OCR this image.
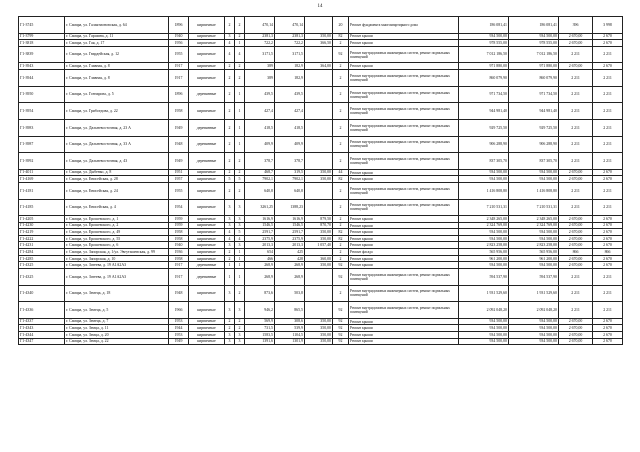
14
Г1-3745	г. Самара, ул. Галактионовская, д. 64	1896	кирпичные	2	2	470,14	470,14		20	Ремонт фундамента многоквартирного дома	186 081,41	186 081,41	396	3 998
Г1-3799	г. Самара, ул. Гаршина, д. 11	1940	кирпичные	3	2	2381,3	2381,3	350,00	82	Ремонт крыши	934 500,00	934 500,00	2 670,00	2 670
Г1-3818	г. Самара, ул. Гая, д. 17	1956	кирпичные	4	1	722,2	722,2	366,50	2	Ремонт крыши	978 555,00	978 555,00	2 670,00	2 670
Г1-3839	г. Самара, ул. Гвардейская, д. 12	1955	кирпичные	4	4	3171,5	3171,5		92	Ремонт внутридомовых инженерных систем, ремонт подвальных помещений	7 012 186,50	7 012 186,50	2 211	2 211
Г1-3943	г. Самара, ул. Главная, д. 8	1917	кирпичные	2	2	389	182,9	364,00	2	Ремонт крыши	971 880,00	971 880,00	2 670,00	2 670
Г1-3944	г. Самара, ул. Главная, д. 8	1917	кирпичные	2	2	389	182,9		2	Ремонт внутридомовых инженерных систем, ремонт подвальных помещений	860 079,90	860 079,90	2 211	2 211
Г1-3950	г. Самара, ул. Гончарова, д. 5	1896	деревянные	2	1	439,5	439,5		2	Ремонт внутридомовых инженерных систем, ремонт подвальных помещений	971 734,50	971 734,50	2 211	2 211
Г1-3954	г. Самара, ул. Грибоедова, д. 22	1958	кирпичные	2	1	427,4	427,4		2	Ремонт внутридомовых инженерных систем, ремонт подвальных помещений	944 981,40	944 981,40	2 211	2 211
Г1-3983	г. Самара, ул. Дальневосточная, д. 23 А	1949	деревянные	2	1	418,5	418,5		2	Ремонт внутридомовых инженерных систем, ремонт подвальных помещений	929 725,50	929 725,50	2 211	2 211
Г1-3987	г. Самара, ул. Дальневосточная, д. 33 А	1948	деревянные	2	1	409,9	409,9		2	Ремонт внутридомовых инженерных систем, ремонт подвальных помещений	906 288,90	906 288,90	2 211	2 211
Г1-3992	г. Самара, ул. Дальневосточная, д. 43	1949	деревянные	2	2	378,7	378,7		2	Ремонт внутридомовых инженерных систем, ремонт подвальных помещений	837 305,70	837 305,70	2 211	2 211
Г1-4011	г. Самара, ул. Дыбенко, д. 8	1951	кирпичные	2	2	468,7	319,5	350,00	44	Ремонт крыши	934 500,00	934 500,00	2 670,00	2 670
Г1-4169	г. Самара, ул. Енисейская, д. 28	1957	кирпичные	5	5	7902,1	7902,1	350,00	82	Ремонт крыши	934 500,00	934 500,00	2 670,00	2 670
Г1-4181	г. Самара, ул. Енисейская, д. 24	1955	кирпичные	2	2	640,8	640,8		2	Ремонт внутридомовых инженерных систем, ремонт подвальных помещений	1 416 808,80	1 416 808,80	2 211	2 211
Г1-4185	г. Самара, ул. Енисейская, д. 4	1954	кирпичные	3	3	3261,25	1388,23		2	Ремонт внутридомовых инженерных систем, ремонт подвальных помещений	7 210 531,31	7 210 531,31	2 211	2 211
Г1-4205	г. Самара, ул. Ерошевского, д. 1	1959	кирпичные	3	3	1616,9	1616,9	879,50	2	Ремонт крыши	2 348 265,00	2 348 265,00	2 670,00	2 670
Г1-4230	г. Самара, ул. Ерошевского, д. 2	1959	кирпичные	3	3	1546,5	1546,5	870,70	2	Ремонт крыши	2 324 769,00	2 324 769,00	2 670,00	2 670
Г1-4219	г. Самара, ул. Ерошевского, д. 49	1958	кирпичные	4	5	2591,7	2591,7	350,00	82	Ремонт крыши	934 500,00	934 500,00	2 670,00	2 670
Г1-4222	г. Самара, ул. Ерошевского, д. 55	1958	кирпичные	4	4	2375,9	2375,9	350,00	82	Ремонт крыши	934 500,00	934 500,00	2 670,00	2 670
Г1-4231	г. Самара, ул. Ерошевского, д. 6	1940	кирпичные	3	3	2013,3	2013,3	1 057,40	2	Ремонт крыши	2 823 258,00	2 823 258,00	2 670,00	2 670
Г1-4284	г. Самара, ул. Запорская, д. 1/ул. Эвгуташевская, д. 99	1936	кирпичные	2	1	654	425		2	Ремонт фасада	565 956,00	565 956,00	866	866
Г1-4285	г. Самара, ул. Запорская, д. 10	1958	кирпичные	2	1	466	428	360,00	2	Ремонт крыши	961 200,00	961 200,00	2 670,00	2 670
Г1-4325	г. Самара, ул. Затеева, д. 19 А1А2А3	1917	деревянные	1	1	268,9	268,9	350,00	92	Ремонт крыши	934 500,00	934 500,00	2 670,00	2 670
Г1-4325	г. Самара, ул. Затеева, д. 19 А1А2А3	1917	деревянные	1	1	268,9	268,9		92	Ремонт внутридомовых инженерных систем, ремонт подвальных помещений	594 537,90	594 537,90	2 211	2 211
Г1-4340	г. Самара, ул. Земеца, д. 18	1948	кирпичные	3	2	873,6	503,8		2	Ремонт внутридомовых инженерных систем, ремонт подвальных помещений	1 931 529,60	1 931 529,60	2 211	2 211
Г1-4336	г. Самара, ул. Земеца, д. 5	1966	кирпичные	3	3	946,2	865,5		92	Ремонт внутридомовых инженерных систем, ремонт подвальных помещений	2 092 048,20	2 092 048,20	2 211	2 211
Г1-4337	г. Самара, ул. Земеца, д. 7	1953	кирпичные	2	2	569,9	308,6	350,00	92	Ремонт крыши	934 500,00	934 500,00	2 670,00	2 670
Г1-4343	г. Самара, ул. Земца, д. 11	1944	кирпичные	2	2	731,5	539,9	350,00	92	Ремонт крыши	934 500,00	934 500,00	2 670,00	2 670
Г1-4344	г. Самара, ул. Земца, д. 20	1953	кирпичные	3	3	1583,5	1104,5	350,00	92	Ремонт крыши	934 500,00	934 500,00	2 670,00	2 670
Г1-4347	г. Самара, ул. Земца, д. 22	1949	кирпичные	3	3	1391,6	1301,9	350,00	92	Ремонт крыши	934 500,00	934 500,00	2 670,00	2 670
